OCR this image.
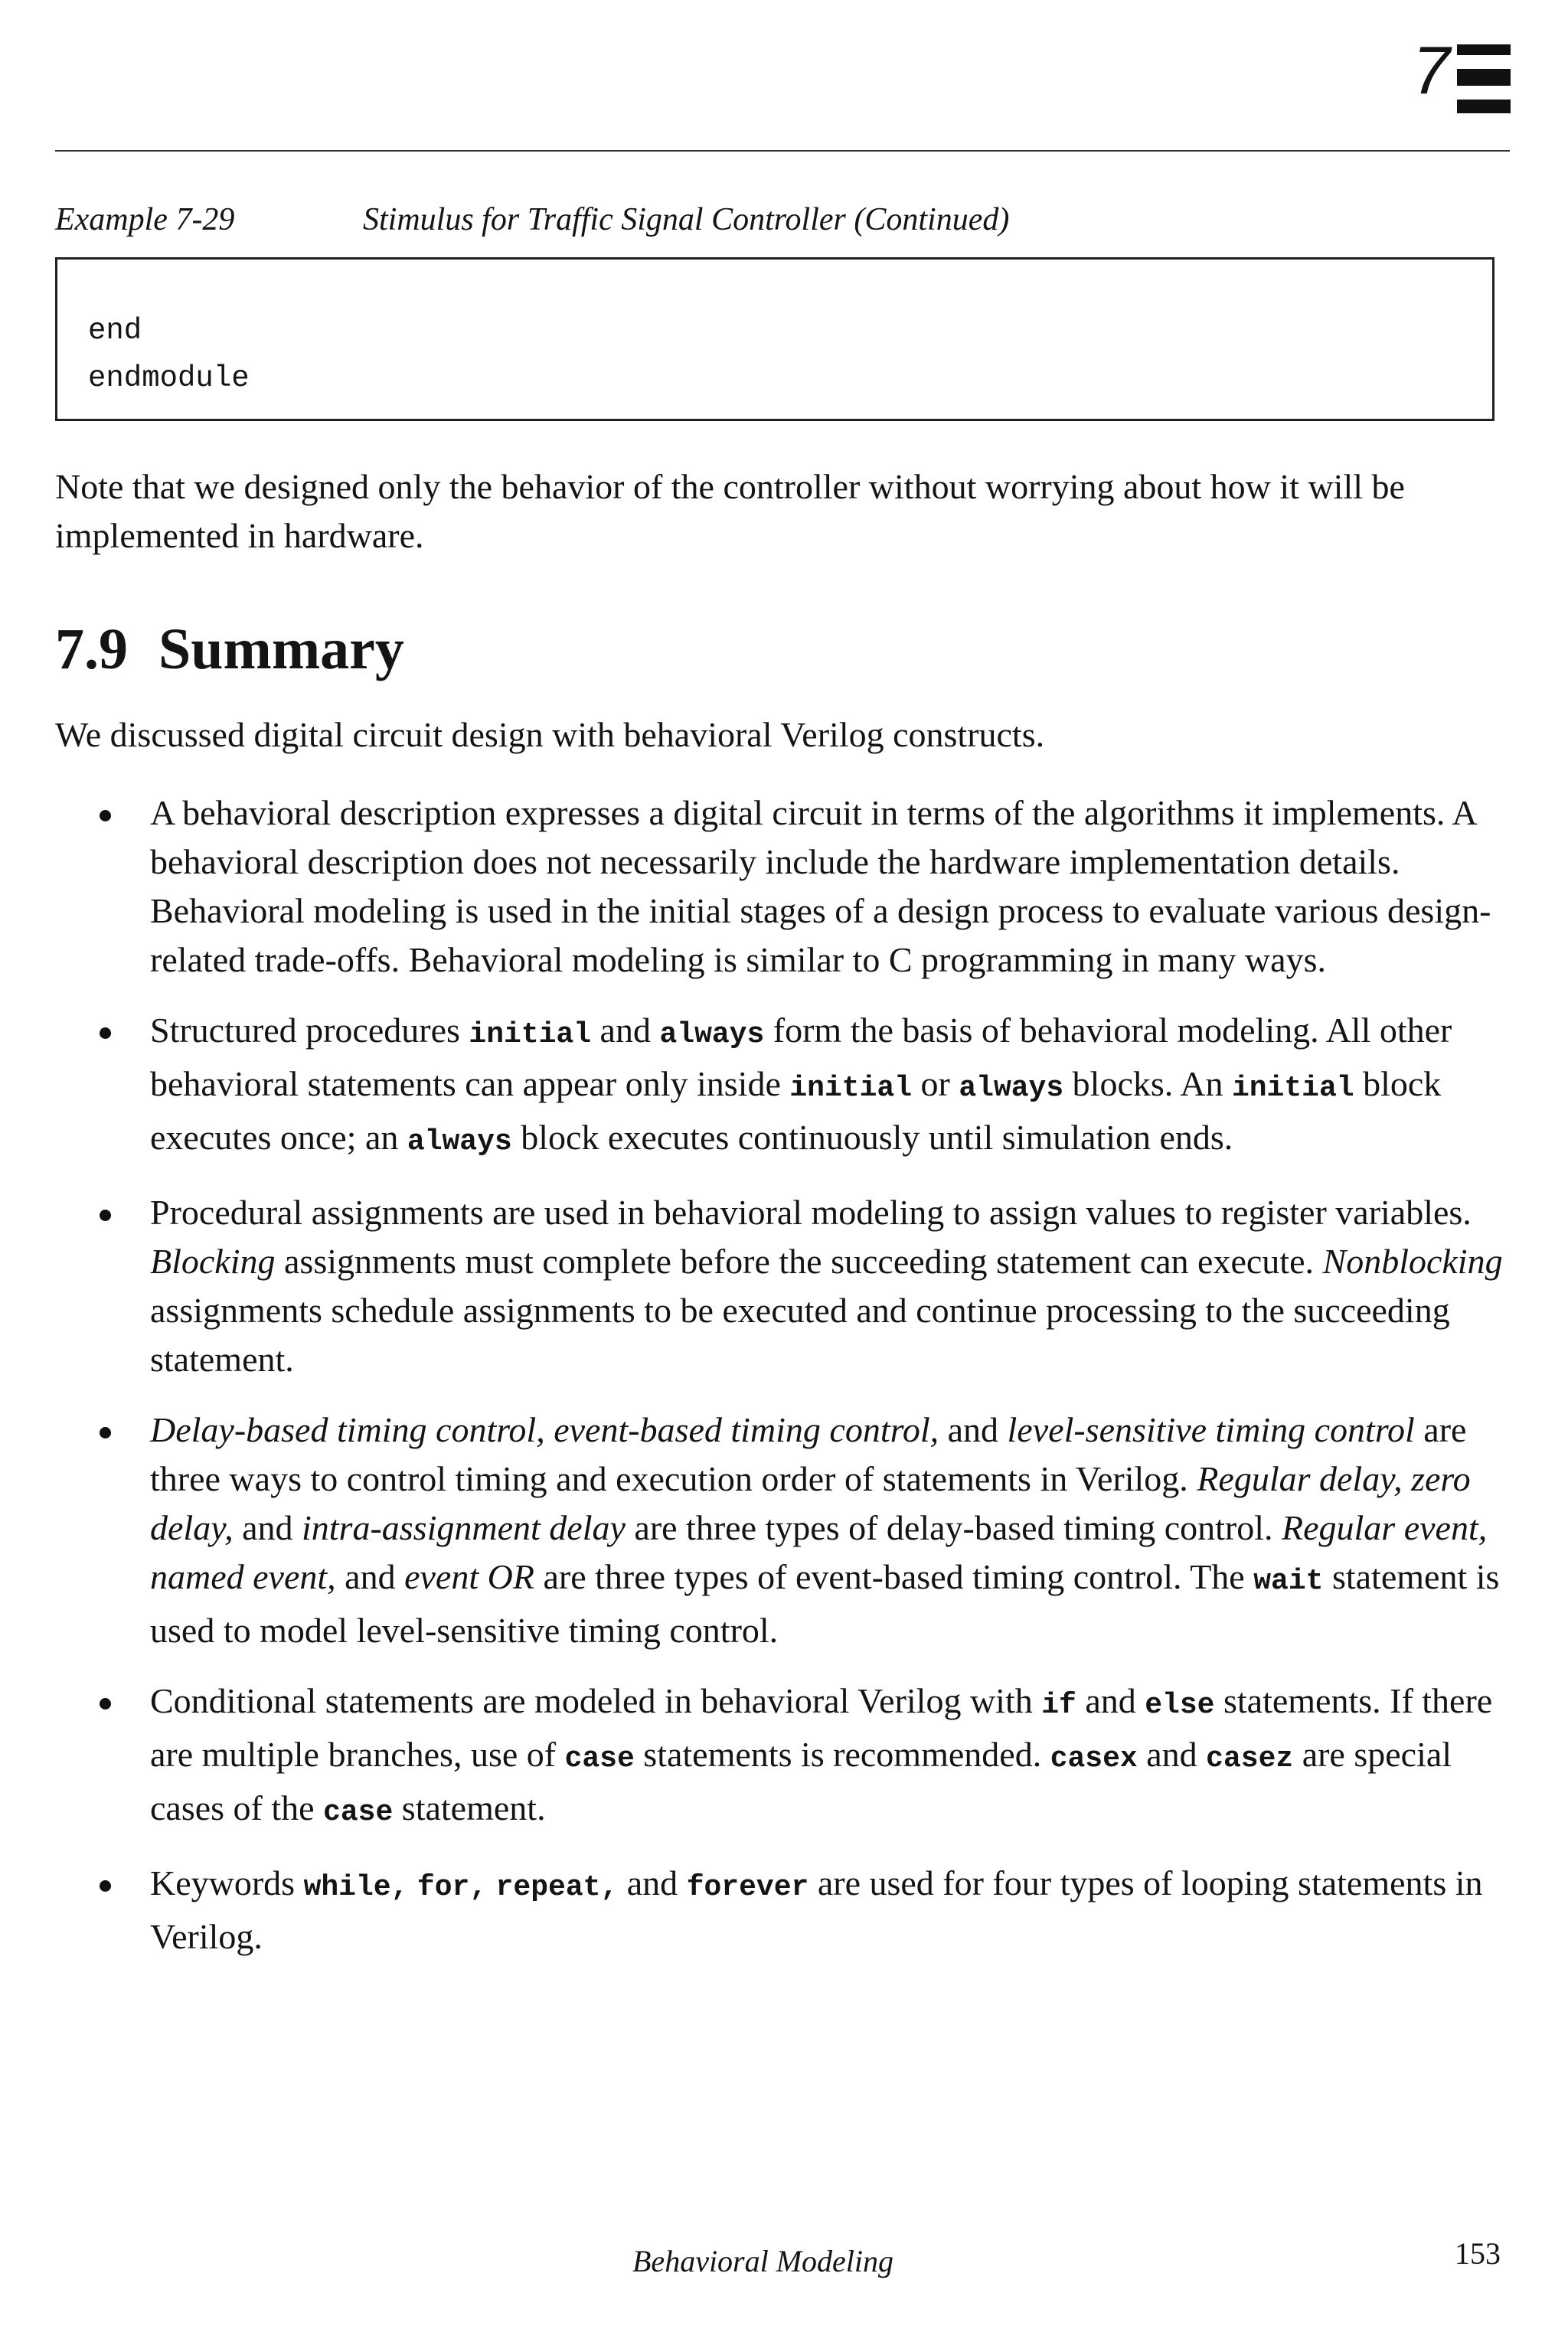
7
Example 7-29	Stimulus for Traffic Signal Controller (Continued)
end
endmodule

Note that we designed only the behavior of the controller without worrying about how it will be implemented in hardware.

7.9 Summary

We discussed digital circuit design with behavioral Verilog constructs.

A behavioral description expresses a digital circuit in terms of the algorithms it implements. A behavioral description does not necessarily include the hardware implementation details. Behavioral modeling is used in the initial stages of a design process to evaluate various design-related trade-offs. Behavioral modeling is similar to C programming in many ways.
Structured procedures initial and always form the basis of behavioral modeling. All other behavioral statements can appear only inside initial or always blocks. An initial block executes once; an always block executes continuously until simulation ends.
Procedural assignments are used in behavioral modeling to assign values to register variables. Blocking assignments must complete before the succeeding statement can execute. Nonblocking assignments schedule assignments to be executed and continue processing to the succeeding statement.
Delay-based timing control, event-based timing control, and level-sensitive timing control are three ways to control timing and execution order of statements in Verilog. Regular delay, zero delay, and intra-assignment delay are three types of delay-based timing control. Regular event, named event, and event OR are three types of event-based timing control. The wait statement is used to model level-sensitive timing control.
Conditional statements are modeled in behavioral Verilog with if and else statements. If there are multiple branches, use of case statements is recommended. casex and casez are special cases of the case statement.
Keywords while, for, repeat, and forever are used for four types of looping statements in Verilog.
Behavioral Modeling	153
